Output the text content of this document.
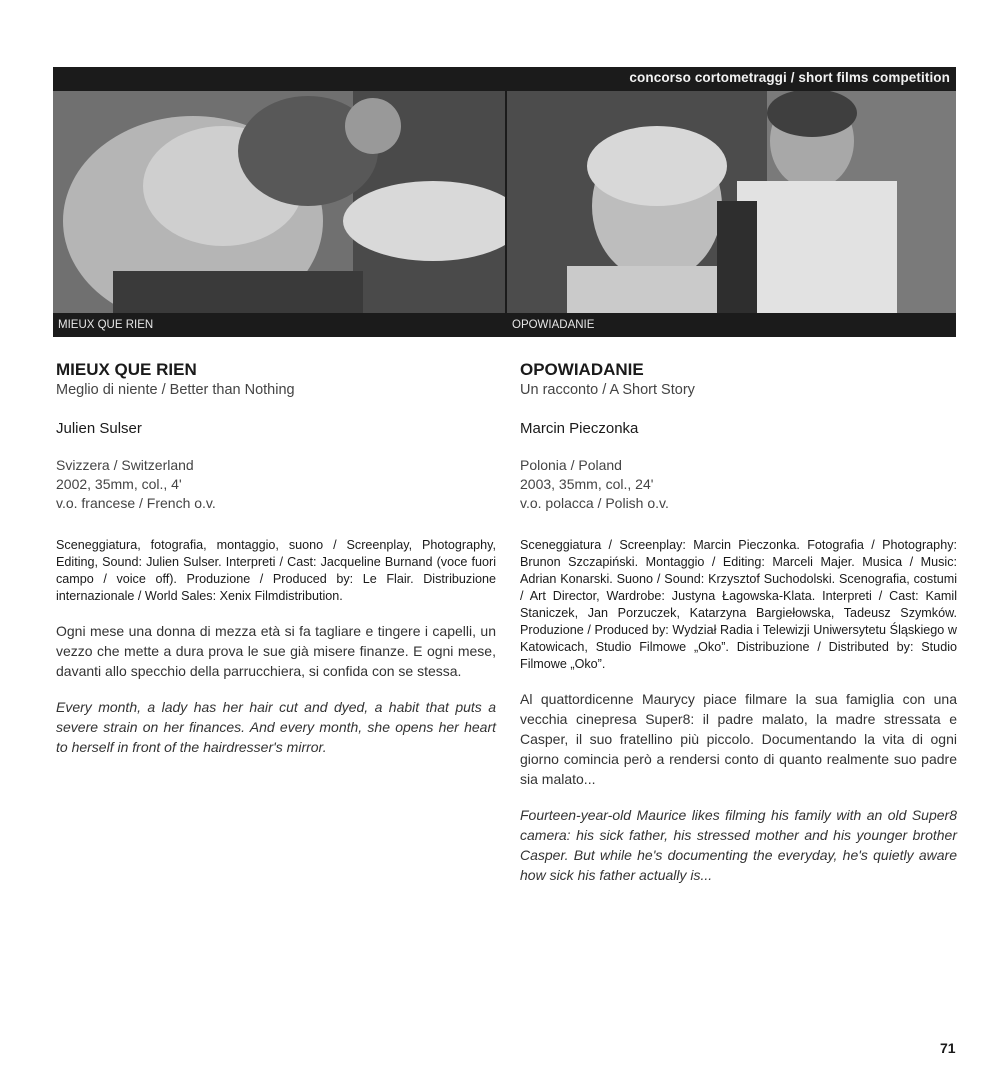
concorso cortometraggi / short films competition
MIEUX QUE RIEN	OPOWIADANIE
MIEUX QUE RIEN

Meglio di niente / Better than Nothing

Julien Sulser

Svizzera / Switzerland
2002, 35mm, col., 4'
v.o. francese / French o.v.

Sceneggiatura, fotografia, montaggio, suono / Screenplay, Photography, Editing, Sound: Julien Sulser. Interpreti / Cast: Jacqueline Burnand (voce fuori campo / voice off). Produzione / Produced by: Le Flair. Distribuzione internazionale / World Sales: Xenix Filmdistribution.

Ogni mese una donna di mezza età si fa tagliare e tingere i capelli, un vezzo che mette a dura prova le sue già misere finanze. E ogni mese, davanti allo specchio della parrucchiera, si confida con se stessa.

Every month, a lady has her hair cut and dyed, a habit that puts a severe strain on her finances. And every month, she opens her heart to herself in front of the hairdresser's mirror.

OPOWIADANIE

Un racconto / A Short Story

Marcin Pieczonka

Polonia / Poland
2003, 35mm, col., 24'
v.o. polacca / Polish o.v.

Sceneggiatura / Screenplay: Marcin Pieczonka. Fotografia / Photography: Brunon Szczapiński. Montaggio / Editing: Marceli Majer. Musica / Music: Adrian Konarski. Suono / Sound: Krzysztof Suchodolski. Scenografia, costumi / Art Director, Wardrobe: Justyna Łagowska-Klata. Interpreti / Cast: Kamil Staniczek, Jan Porzuczek, Katarzyna Bargiełowska, Tadeusz Szymków. Produzione / Produced by: Wydział Radia i Telewizji Uniwersytetu Śląskiego w Katowicach, Studio Filmowe „Oko”. Distribuzione / Distributed by: Studio Filmowe „Oko”.

Al quattordicenne Maurycy piace filmare la sua famiglia con una vecchia cinepresa Super8: il padre malato, la madre stressata e Casper, il suo fratellino più piccolo. Documentando la vita di ogni giorno comincia però a rendersi conto di quanto realmente suo padre sia malato...

Fourteen-year-old Maurice likes filming his family with an old Super8 camera: his sick father, his stressed mother and his younger brother Casper. But while he's documenting the everyday, he's quietly aware how sick his father actually is...

71
